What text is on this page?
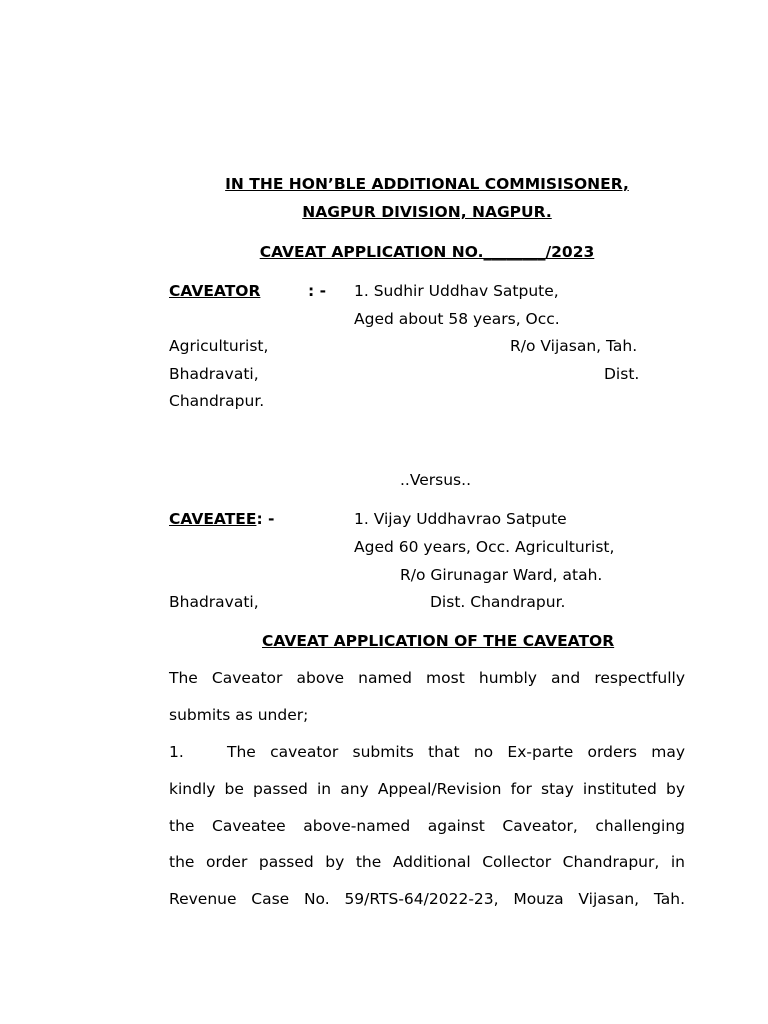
IN THE HON’BLE ADDITIONAL COMMISISONER,
NAGPUR DIVISION, NAGPUR.
CAVEAT APPLICATION NO.________/2023
CAVEATOR	: - 1. Sudhir Uddhav Satpute,
Aged about 58 years, Occ.
Agriculturist,	R/o Vijasan, Tah.
Bhadravati,	Dist.
Chandrapur.
..Versus..
CAVEATEE: -	1. Vijay Uddhavrao Satpute
Aged 60 years, Occ. Agriculturist,
R/o Girunagar Ward, atah.
Bhadravati,	Dist. Chandrapur.
CAVEAT APPLICATION OF THE CAVEATOR
The Caveator above named most humbly and respectfully
submits as under;
1.	The caveator submits that no Ex-parte orders may
kindly be passed in any Appeal/Revision for stay instituted by
the Caveatee above-named against Caveator, challenging
the order passed by the Additional Collector Chandrapur, in
Revenue Case No. 59/RTS-64/2022-23, Mouza Vijasan, Tah.
